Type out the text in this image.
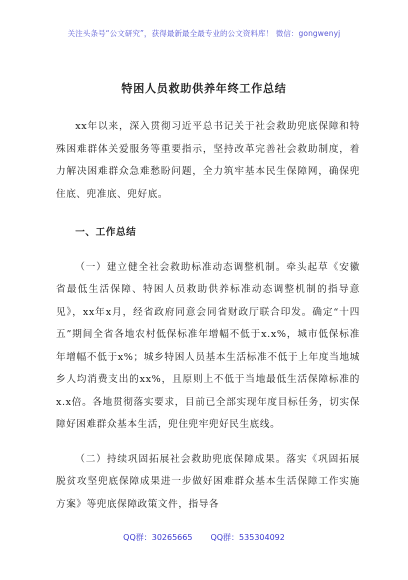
关注头条号“公文研究”，获得最新最全最专业的公文资料库！ 微信：gongwenyj
特困人员救助供养年终工作总结

xx年以来，深入贯彻习近平总书记关于社会救助兜底保障和特殊困难群体关爱服务等重要指示，坚持改革完善社会救助制度，着力解决困难群众急难愁盼问题，全力筑牢基本民生保障网，确保兜住底、兜准底、兜好底。

一、工作总结

（一）建立健全社会救助标准动态调整机制。牵头起草《安徽省最低生活保障、特困人员救助供养标准动态调整机制的指导意见》，xx年x月，经省政府同意会同省财政厅联合印发。确定“十四五”期间全省各地农村低保标准年增幅不低于x.x%，城市低保标准年增幅不低于x%；城乡特困人员基本生活标准不低于上年度当地城乡人均消费支出的xx%，且原则上不低于当地最低生活保障标准的x.x倍。各地贯彻落实要求，目前已全部实现年度目标任务，切实保障好困难群众基本生活，兜住兜牢兜好民生底线。

（二）持续巩固拓展社会救助兜底保障成果。落实《巩固拓展脱贫攻坚兜底保障成果进一步做好困难群众基本生活保障工作实施方案》等兜底保障政策文件，指导各

QQ群：30265665 QQ群：535304092
